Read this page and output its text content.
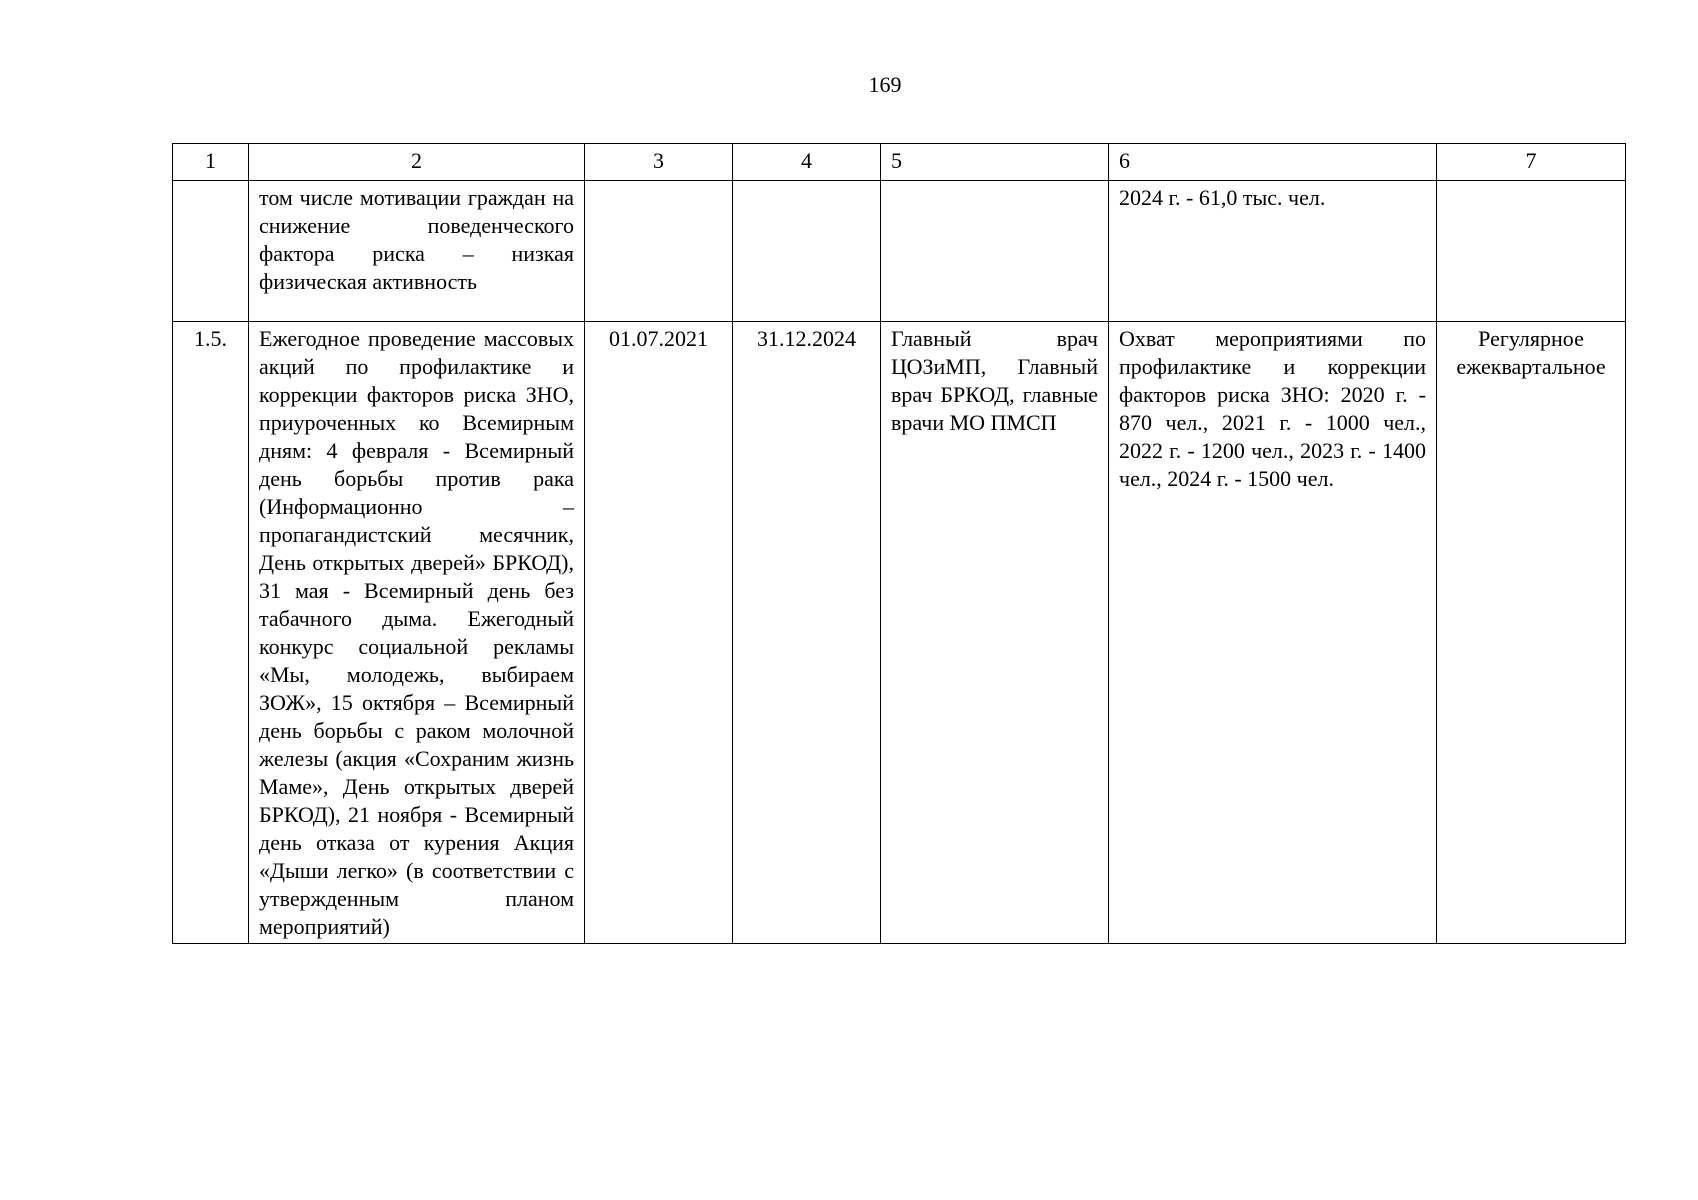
169
1	2	3	4	5	6	7
	том числе мотивации граждан на снижение поведенческого фактора риска – низкая физическая активность				2024 г. - 61,0 тыс. чел.	
1.5.	Ежегодное проведение массовых акций по профилактике и коррекции факторов риска ЗНО, приуроченных ко Всемирным дням: 4 февраля - Всемирный день борьбы против рака (Информационно – пропагандистский месячник, День открытых дверей» БРКОД), 31 мая - Всемирный день без табачного дыма. Ежегодный конкурс социальной рекламы «Мы, молодежь, выбираем ЗОЖ», 15 октября – Всемирный день борьбы с раком молочной железы (акция «Сохраним жизнь Маме», День открытых дверей БРКОД), 21 ноября - Всемирный день отказа от курения Акция «Дыши легко» (в соответствии с утвержденным планом мероприятий)	01.07.2021	31.12.2024	Главный врач ЦОЗиМП, Главный врач БРКОД, главные врачи МО ПМСП	Охват мероприятиями по профилактике и коррекции факторов риска ЗНО: 2020 г. - 870 чел., 2021 г. - 1000 чел., 2022 г. - 1200 чел., 2023 г. - 1400 чел., 2024 г. - 1500 чел.	Регулярное ежеквартальное
